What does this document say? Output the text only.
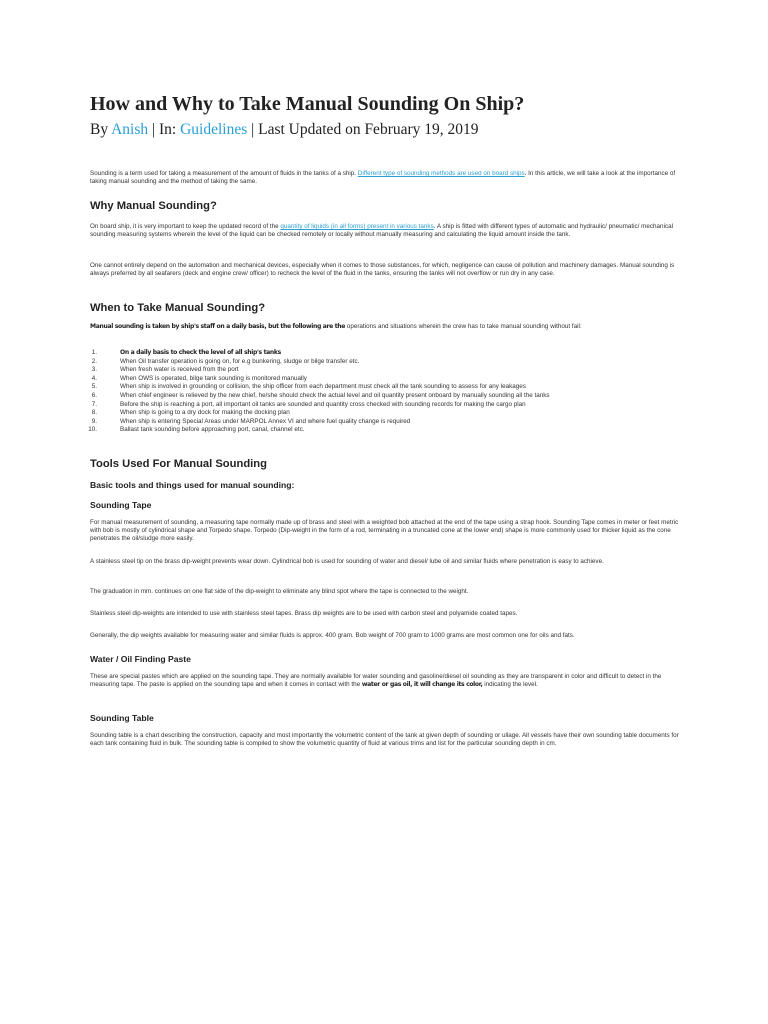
How and Why to Take Manual Sounding On Ship?

By Anish | In: Guidelines | Last Updated on February 19, 2019

Sounding is a term used for taking a measurement of the amount of fluids in the tanks of a ship. Different type of sounding methods are used on board ships. In this article, we will take a look at the importance of taking manual sounding and the method of taking the same.

Why Manual Sounding?

On board ship, it is very important to keep the updated record of the quantity of liquids (in all forms) present in various tanks. A ship is fitted with different types of automatic and hydraulic/ pneumatic/ mechanical sounding measuring systems wherein the level of the liquid can be checked remotely or locally without manually measuring and calculating the liquid amount inside the tank.

One cannot entirely depend on the automation and mechanical devices, especially when it comes to those substances, for which, negligence can cause oil pollution and machinery damages. Manual sounding is always preferred by all seafarers (deck and engine crew/ officer) to recheck the level of the fluid in the tanks, ensuring the tanks will not overflow or run dry in any case.

When to Take Manual Sounding?

Manual sounding is taken by ship's staff on a daily basis, but the following are the operations and situations wherein the crew has to take manual sounding without fail:

1.	On a daily basis to check the level of all ship's tanks
2.	When Oil transfer operation is going on, for e.g bunkering, sludge or bilge transfer etc.
3.	When fresh water is received from the port
4.	When OWS is operated, bilge tank sounding is monitored manually
5.	When ship is involved in grounding or collision, the ship officer from each department must check all the tank sounding to assess for any leakages
6.	When chief engineer is relieved by the new chief, he/she should check the actual level and oil quantity present onboard by manually sounding all the tanks
7.	Before the ship is reaching a port, all important oil tanks are sounded and quantity cross checked with sounding records for making the cargo plan
8.	When ship is going to a dry dock for making the docking plan
9.	When ship is entering Special Areas under MARPOL Annex VI and where fuel quality change is required
10.	Ballast tank sounding before approaching port, canal, channel etc.
Tools Used For Manual Sounding
Basic tools and things used for manual sounding:
Sounding Tape

For manual measurement of sounding, a measuring tape normally made up of brass and steel with a weighted bob attached at the end of the tape using a strap hook. Sounding Tape comes in meter or feet metric with bob is mostly of cylindrical shape and Torpedo shape. Torpedo (Dip-weight in the form of a rod, terminating in a truncated cone at the lower end) shape is more commonly used for thicker liquid as the cone penetrates the oil/sludge more easily.

A stainless steel tip on the brass dip-weight prevents wear down. Cylindrical bob is used for sounding of water and diesel/ lube oil and similar fluids where penetration is easy to achieve.

The graduation in mm. continues on one flat side of the dip-weight to eliminate any blind spot where the tape is connected to the weight.

Stainless steel dip-weights are intended to use with stainless steel tapes. Brass dip weights are to be used with carbon steel and polyamide coated tapes.

Generally, the dip weights available for measuring water and similar fluids is approx. 400 gram. Bob weight of 700 gram to 1000 grams are most common one for oils and fats.

Water / Oil Finding Paste

These are special pastes which are applied on the sounding tape. They are normally available for water sounding and gasoline/diesel oil sounding as they are transparent in color and difficult to detect in the measuring tape. The paste is applied on the sounding tape and when it comes in contact with the water or gas oil, it will change its color, indicating the level.

Sounding Table

Sounding table is a chart describing the construction, capacity and most importantly the volumetric content of the tank at given depth of sounding or ullage. All vessels have their own sounding table documents for each tank containing fluid in bulk. The sounding table is compiled to show the volumetric quantity of fluid at various trims and list for the particular sounding depth in cm.
